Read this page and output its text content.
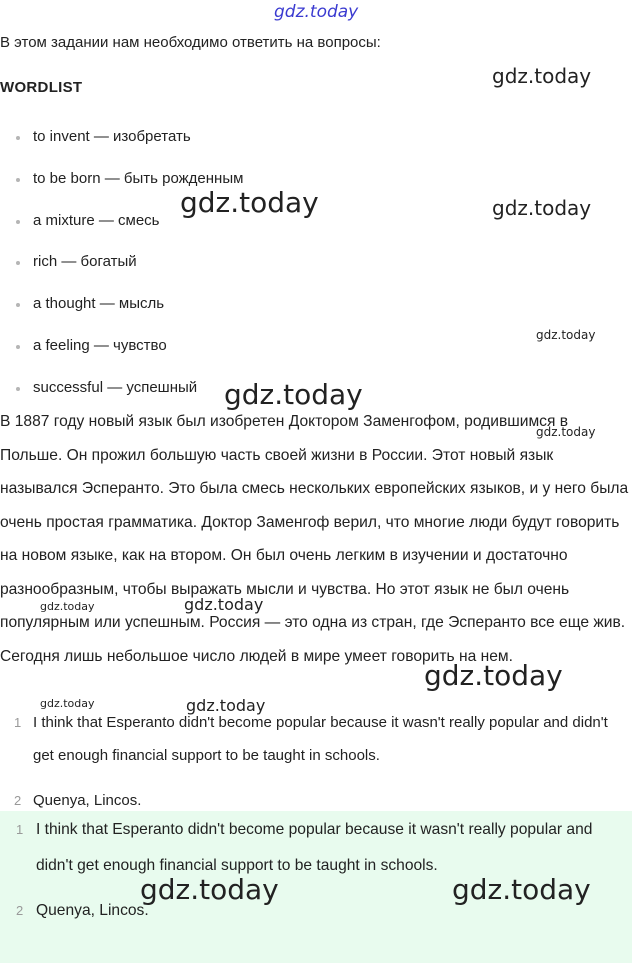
В этом задании нам необходимо ответить на вопросы:
WORDLIST
to invent — изобретать
to be born — быть рожденным
a mixture — смесь
rich — богатый
a thought — мысль
a feeling — чувство
successful — успешный

В 1887 году новый язык был изобретен Доктором Заменгофом, родившимся в Польше. Он прожил большую часть своей жизни в России. Этот новый язык назывался Эсперанто. Это была смесь нескольких европейских языков, и у него была очень простая грамматика. Доктор Заменгоф верил, что многие люди будут говорить на новом языке, как на втором. Он был очень легким в изучении и достаточно разнообразным, чтобы выражать мысли и чувства. Но этот язык не был очень популярным или успешным. Россия — это одна из стран, где Эсперанто все еще жив. Сегодня лишь небольшое число людей в мире умеет говорить на нем.

1 I think that Esperanto didn't become popular because it wasn't really popular and didn't get enough financial support to be taught in schools.
2 Quenya, Lincos.
1 I think that Esperanto didn't become popular because it wasn't really popular and didn't get enough financial support to be taught in schools.
2 Quenya, Lincos.
gdz.today
gdz.today
gdz.today	gdz.today
gdz.today
gdz.today
gdz.today
gdz.today	gdz.today
gdz.today
gdz.today	gdz.today
gdz.today	gdz.today
